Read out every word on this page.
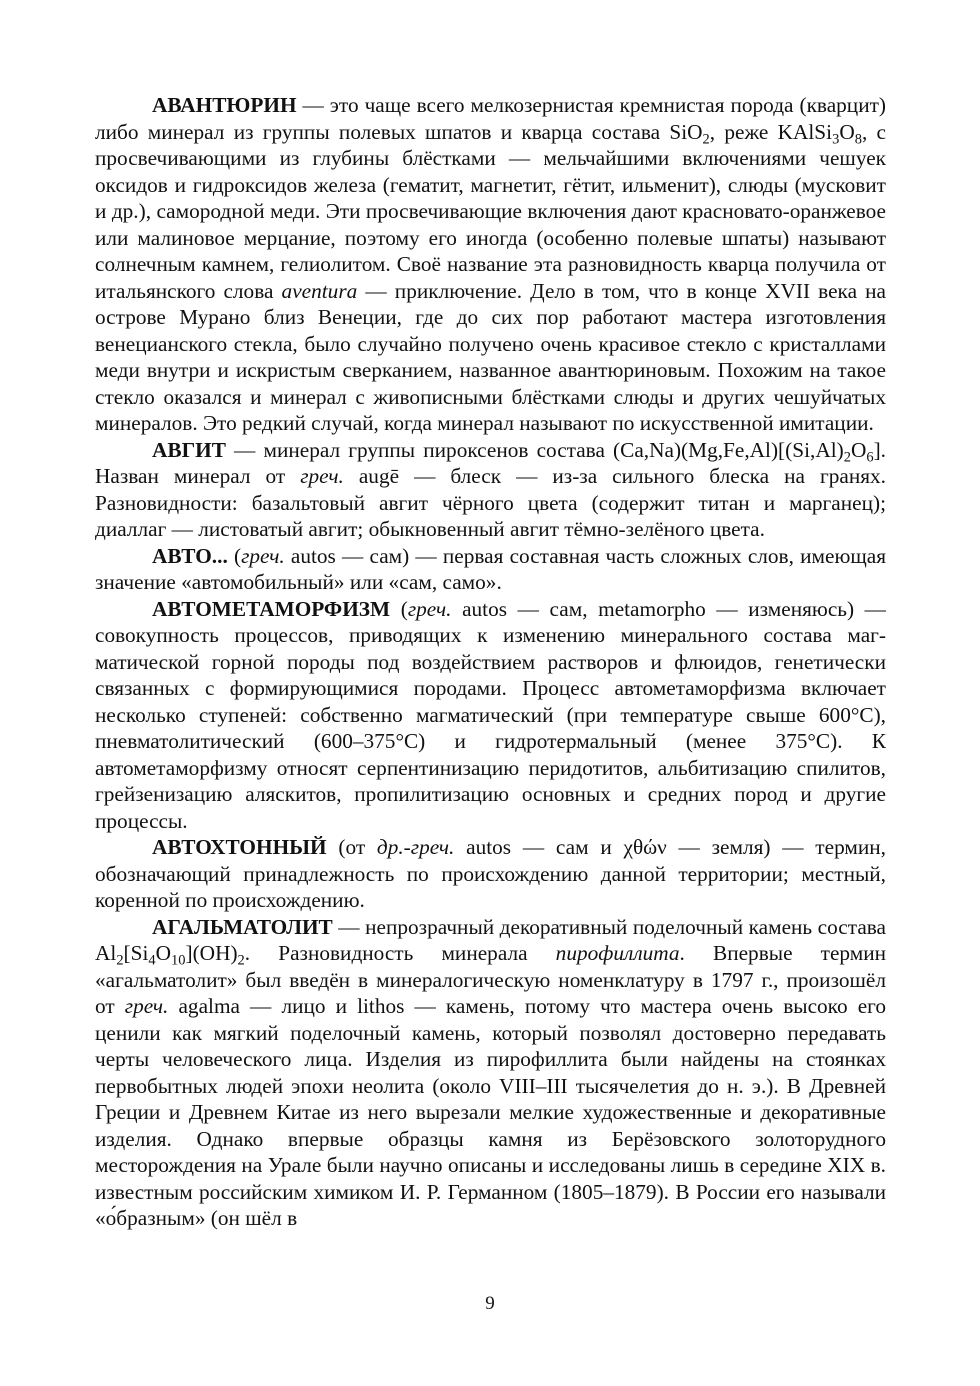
АВАНТЮРИН — это чаще всего мелкозернистая кремнистая порода (кварцит) либо минерал из группы полевых шпатов и кварца состава SiO$_2$, реже $KAlSi_3O_8$, с просвечивающими из глубины блёстками — мельчайшими включениями чешуек оксидов и гидроксидов железа (гематит, магнетит, гётит, ильменит), слюды (мусковит и др.), самородной меди. Эти просвечивающие включения дают красновато-оранжевое или малиновое мерцание, поэтому его иногда (особенно полевые шпаты) называют солнечным камнем, гелиолитом. Своё название эта разновидность кварца получила от итальянского слова aventura — приключение. Дело в том, что в конце XVII века на острове Мурано близ Венеции, где до сих пор работают мастера изготовления венецианского стекла, было случайно получено очень красивое стекло с кристаллами меди внутри и искристым сверканием, названное авантюриновым. Похожим на такое стекло оказался и минерал с живописными блёстками слюды и других чешуйчатых минералов. Это редкий случай, когда минерал называют по искусственной имитации.

АВГИТ — минерал группы пироксенов состава $(Ca,Na)(Mg,Fe,Al)[(Si,Al)_2O_6]$. Назван минерал от греч. augē — блеск — из-за сильного блеска на гранях. Разновидности: базальтовый авгит чёрного цвета (содержит титан и марганец); диаллаг — листоватый авгит; обыкновенный авгит тёмно-зелёного цвета.

АВТО... (греч. autos — сам) — первая составная часть сложных слов, имеющая значение «автомобильный» или «сам, само».

АВТОМЕТАМОРФИЗМ (греч. autos — сам, metamorpho — изменяюсь) — совокупность процессов, приводящих к изменению минерального состава магматической горной породы под воздействием растворов и флюидов, генетически связанных с формирующимися породами. Процесс автометаморфизма включает несколько ступеней: собственно магматический (при температуре свыше 600°С), пневматолитический (600–375°С) и гидротермальный (менее 375°С). К автометаморфизму относят серпентинизацию перидотитов, альбитизацию спилитов, грейзенизацию аляскитов, пропилитизацию основных и средних пород и другие процессы.

АВТОХТОННЫЙ (от др.-греч. autos — сам и χθών — земля) — термин, обозначающий принадлежность по происхождению данной территории; местный, коренной по происхождению.

АГАЛЬМАТОЛИТ — непрозрачный декоративный поделочный камень состава $Al_2[Si_4O_{10}](OH)_2$. Разновидность минерала пирофиллита. Впервые термин «агальматолит» был введён в минералогическую номенклатуру в 1797 г., произошёл от греч. agalma — лицо и lithos — камень, потому что мастера очень высоко его ценили как мягкий поделочный камень, который позволял достоверно передавать черты человеческого лица. Изделия из пирофиллита были найдены на стоянках первобытных людей эпохи неолита (около VIII–III тысячелетия до н. э.). В Древней Греции и Древнем Китае из него вырезали мелкие художественные и декоративные изделия. Однако впервые образцы камня из Берёзовского золоторудного месторождения на Урале были научно описаны и исследованы лишь в середине XIX в. известным российским химиком И. Р. Германном (1805–1879). В России его называли «о́бразным» (он шёл в

9
